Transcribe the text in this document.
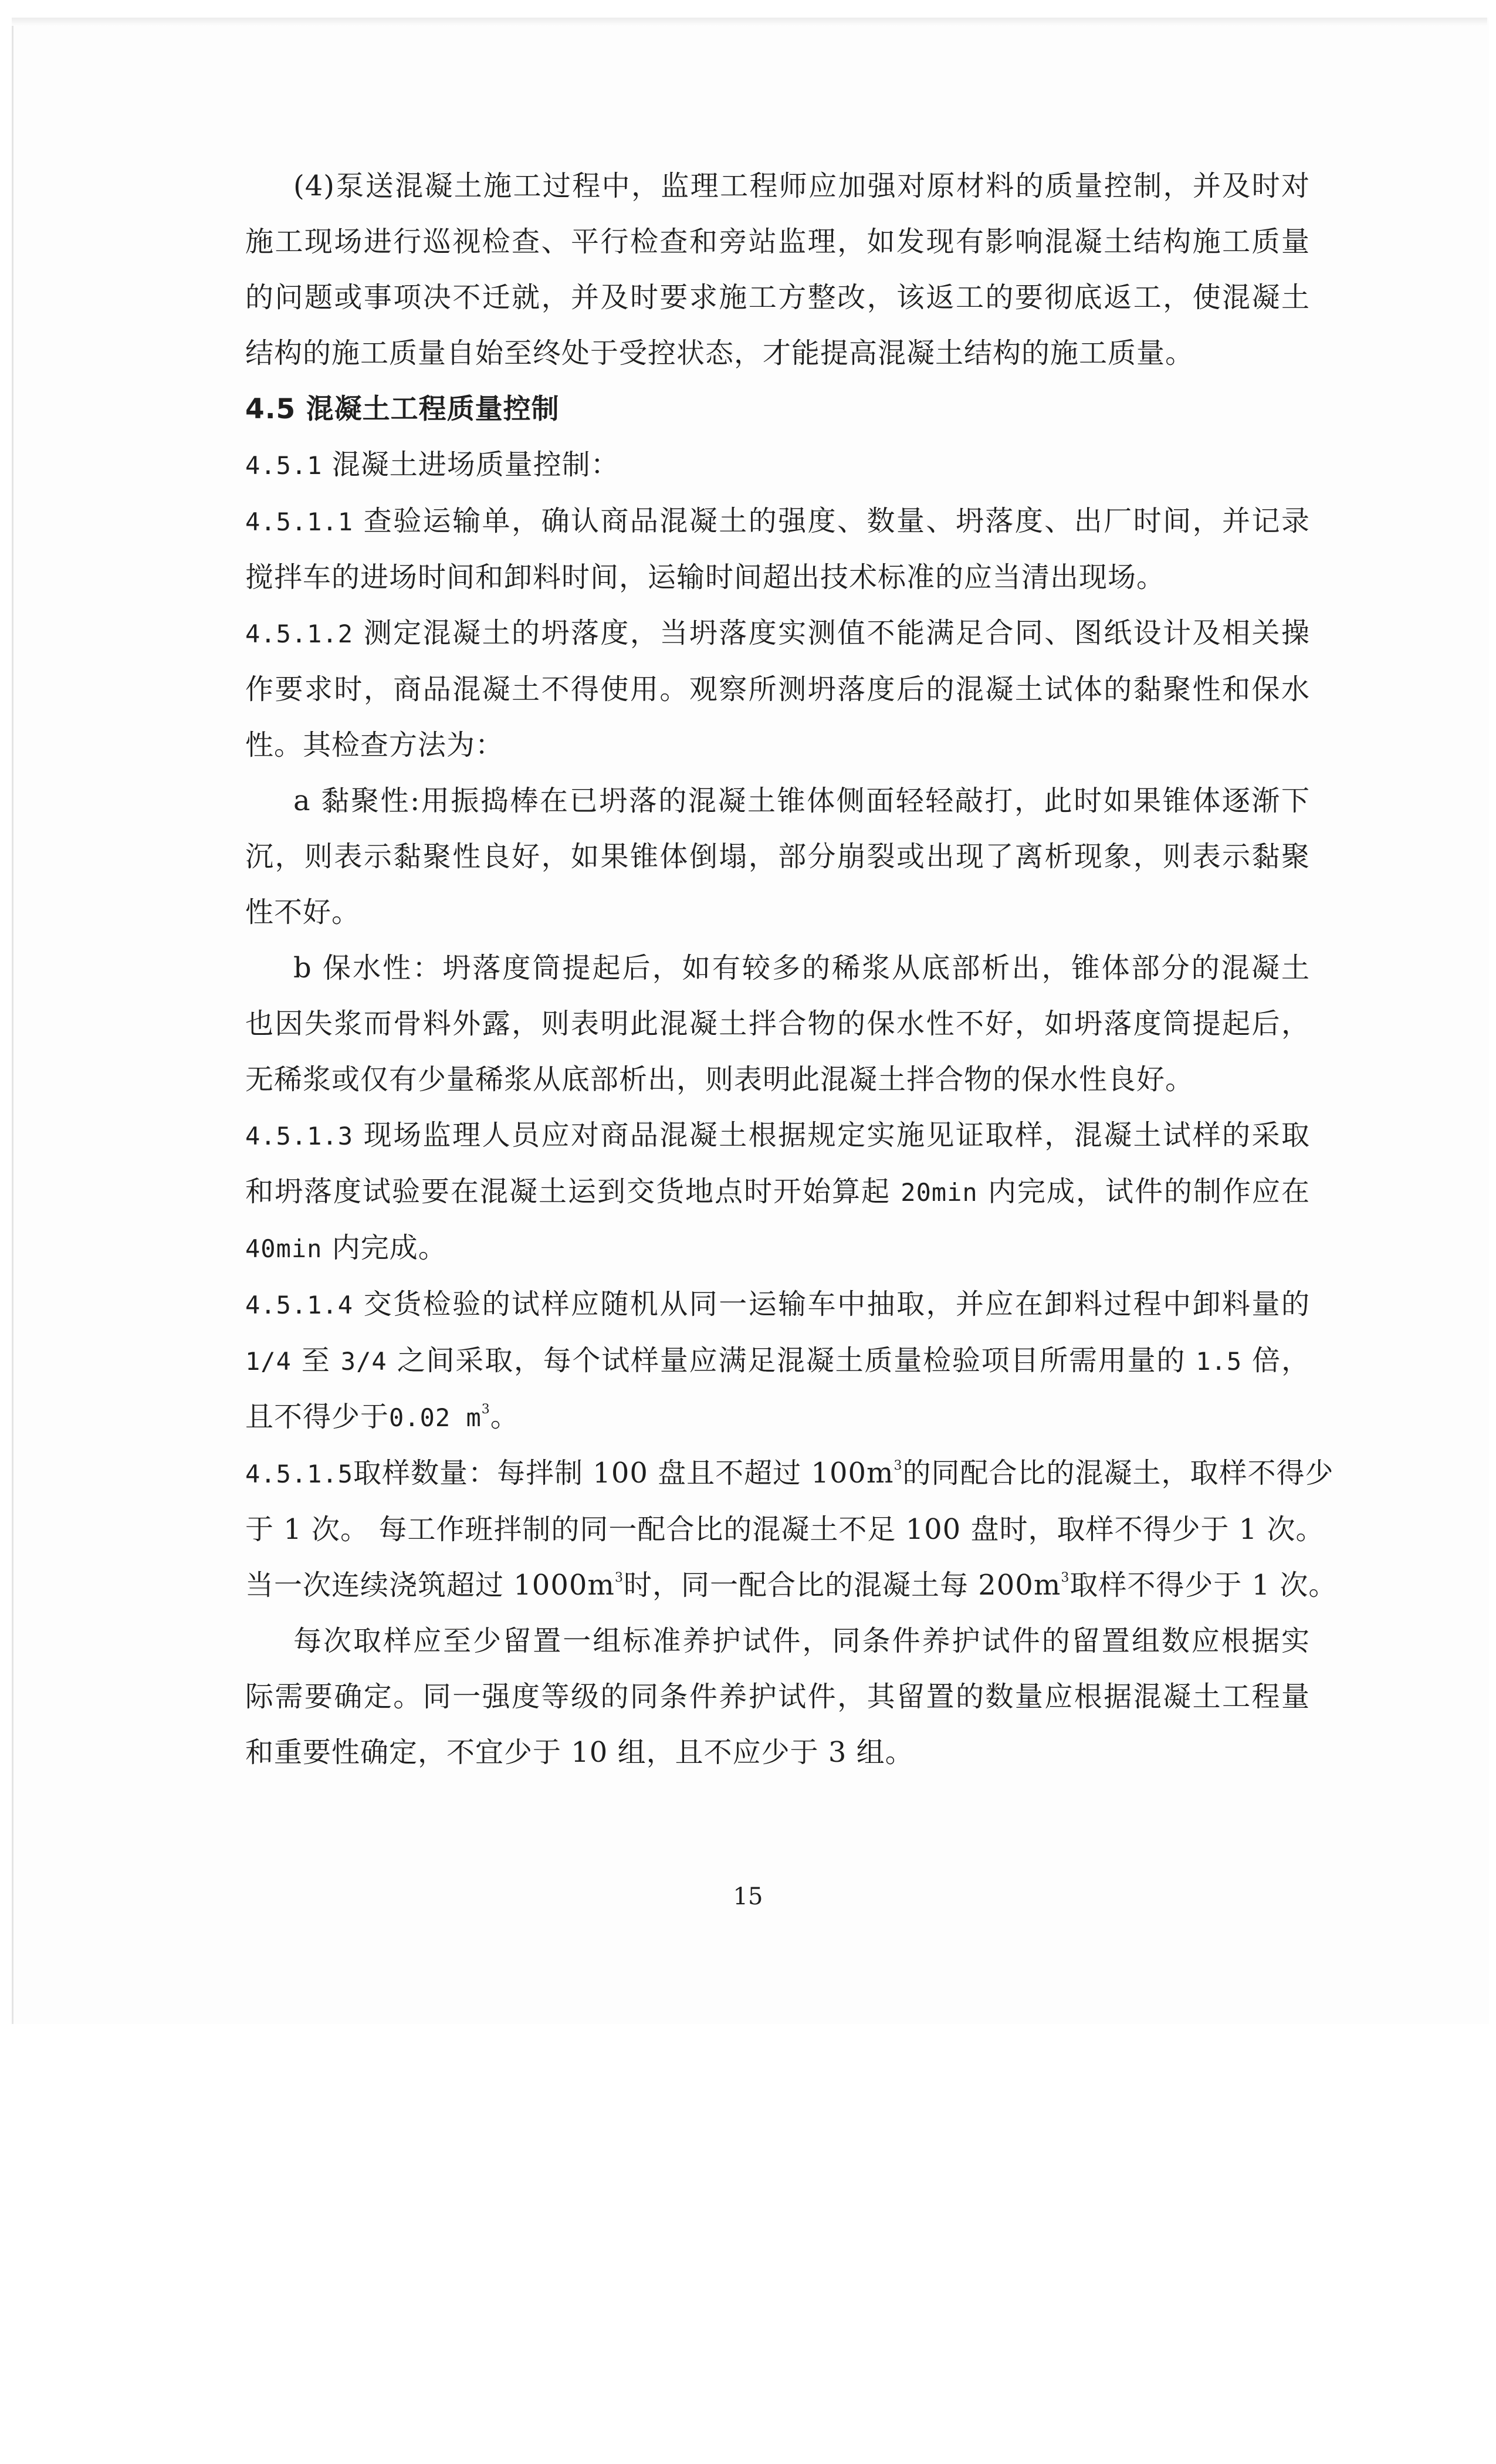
(4)泵送混凝土施工过程中，监理工程师应加强对原材料的质量控制，并及时对
施工现场进行巡视检查、平行检查和旁站监理，如发现有影响混凝土结构施工质量
的问题或事项决不迁就，并及时要求施工方整改，该返工的要彻底返工，使混凝土
结构的施工质量自始至终处于受控状态，才能提高混凝土结构的施工质量。
4.5 混凝土工程质量控制
4.5.1 混凝土进场质量控制：
4.5.1.1 查验运输单，确认商品混凝土的强度、数量、坍落度、出厂时间，并记录
搅拌车的进场时间和卸料时间，运输时间超出技术标准的应当清出现场。
4.5.1.2 测定混凝土的坍落度，当坍落度实测值不能满足合同、图纸设计及相关操
作要求时，商品混凝土不得使用。观察所测坍落度后的混凝土试体的黏聚性和保水
性。其检查方法为：
a 黏聚性:用振捣棒在已坍落的混凝土锥体侧面轻轻敲打，此时如果锥体逐渐下
沉，则表示黏聚性良好，如果锥体倒塌，部分崩裂或出现了离析现象，则表示黏聚
性不好。
b 保水性：坍落度筒提起后，如有较多的稀浆从底部析出，锥体部分的混凝土
也因失浆而骨料外露，则表明此混凝土拌合物的保水性不好，如坍落度筒提起后，
无稀浆或仅有少量稀浆从底部析出，则表明此混凝土拌合物的保水性良好。
4.5.1.3 现场监理人员应对商品混凝土根据规定实施见证取样，混凝土试样的采取
和坍落度试验要在混凝土运到交货地点时开始算起 20min 内完成，试件的制作应在
40min 内完成。
4.5.1.4 交货检验的试样应随机从同一运输车中抽取，并应在卸料过程中卸料量的
1/4 至 3/4 之间采取，每个试样量应满足混凝土质量检验项目所需用量的 1.5 倍，
且不得少于0.02 $m^3$。
4.5.1.5取样数量：每拌制 100 盘且不超过 $100m^3$的同配合比的混凝土，取样不得少
于 1 次。 每工作班拌制的同一配合比的混凝土不足 100 盘时，取样不得少于 1 次。
当一次连续浇筑超过 $1000m^3$时，同一配合比的混凝土每 $200m^3$取样不得少于 1 次。
每次取样应至少留置一组标准养护试件，同条件养护试件的留置组数应根据实
际需要确定。同一强度等级的同条件养护试件，其留置的数量应根据混凝土工程量
和重要性确定，不宜少于 10 组，且不应少于 3 组。
15
